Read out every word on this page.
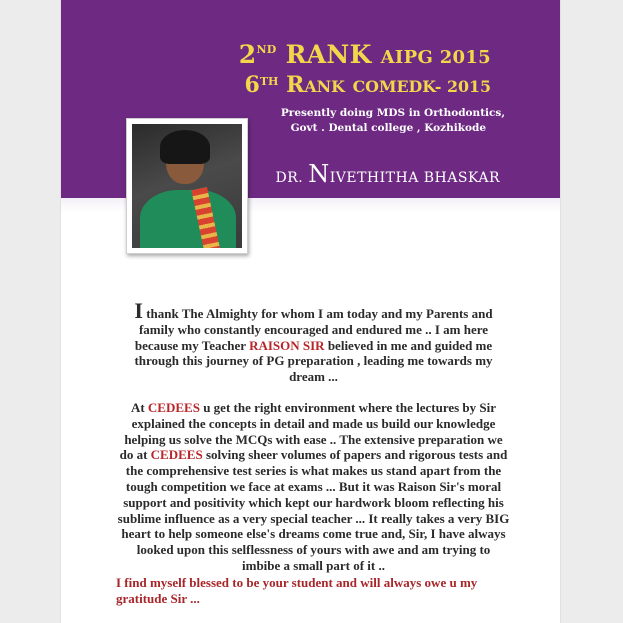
2ND RANK AIPG 2015
6TH RANK COMEDK- 2015
Presently doing MDS in Orthodontics,
Govt . Dental college , Kozhikode
DR. NIVETHITHA BHASKAR
I thank The Almighty for whom I am today and my Parents and family who constantly encouraged and endured me .. I am here because my Teacher RAISON SIR believed in me and guided me through this journey of PG preparation , leading me towards my dream ...
At CEDEES u get the right environment where the lectures by Sir explained the concepts in detail and made us build our knowledge helping us solve the MCQs with ease .. The extensive preparation we do at CEDEES solving sheer volumes of papers and rigorous tests and the comprehensive test series is what makes us stand apart from the tough competition we face at exams ... But it was Raison Sir's moral support and positivity which kept our hardwork bloom reflecting his sublime influence as a very special teacher ... It really takes a very BIG heart to help someone else's dreams come true and, Sir, I have always looked upon this selflessness of yours with awe and am trying to imbibe a small part of it ..
I find myself blessed to be your student and will always owe u my gratitude Sir ...
